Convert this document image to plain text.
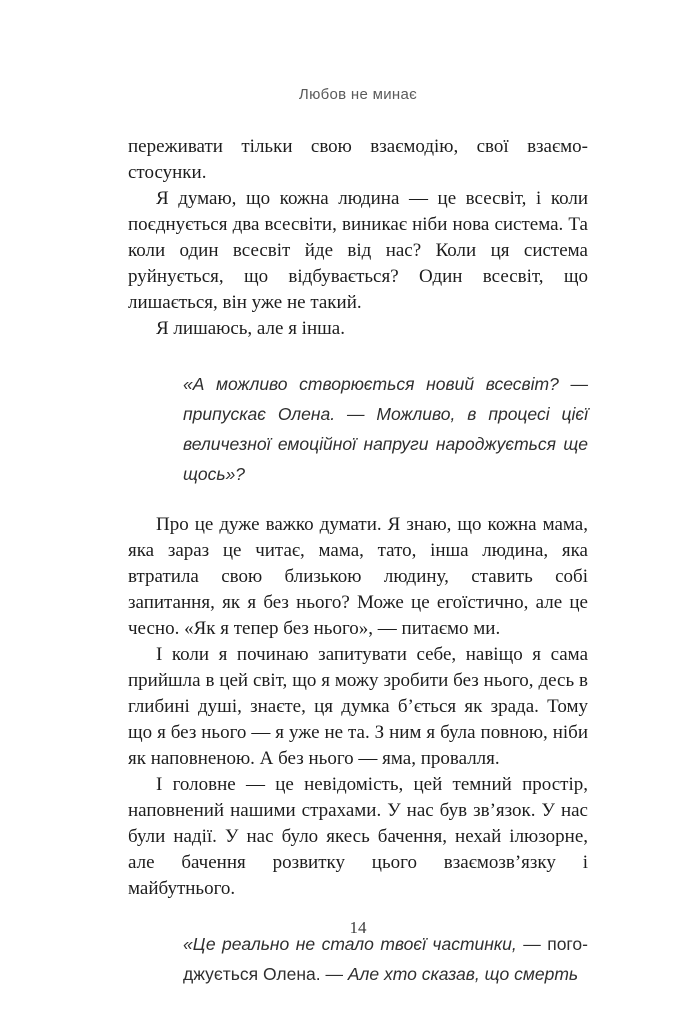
Любов не минає

переживати тільки свою взаємодію, свої взаємостосунки.

Я думаю, що кожна людина — це всесвіт, і коли поєднується два всесвіти, виникає ніби нова система. Та коли один всесвіт йде від нас? Коли ця система руйнується, що відбувається? Один всесвіт, що лишається, він уже не такий.

Я лишаюсь, але я інша.

«А можливо створюється новий всесвіт? — припускає Олена. — Можливо, в процесі цієї величезної емоційної напруги народжується ще щось»?

Про це дуже важко думати. Я знаю, що кожна мама, яка зараз це читає, мама, тато, інша людина, яка втратила свою близькою людину, ставить собі запитання, як я без нього? Може це егоїстично, але це чесно. «Як я тепер без нього», — питаємо ми.

І коли я починаю запитувати себе, навіщо я сама прийшла в цей світ, що я можу зробити без нього, десь в глибині душі, знаєте, ця думка б’ється як зрада. Тому що я без нього — я уже не та. З ним я була повною, ніби як наповненою. А без нього — яма, провалля.

І головне — це невідомість, цей темний простір, наповнений нашими страхами. У нас був зв’язок. У нас були надії. У нас було якесь бачення, нехай ілюзорне, але бачення розвитку цього взаємозв’язку і майбутнього.

«Це реально не стало твоєї частинки, — погоджується Олена. — Але хто сказав, що смерть

14
